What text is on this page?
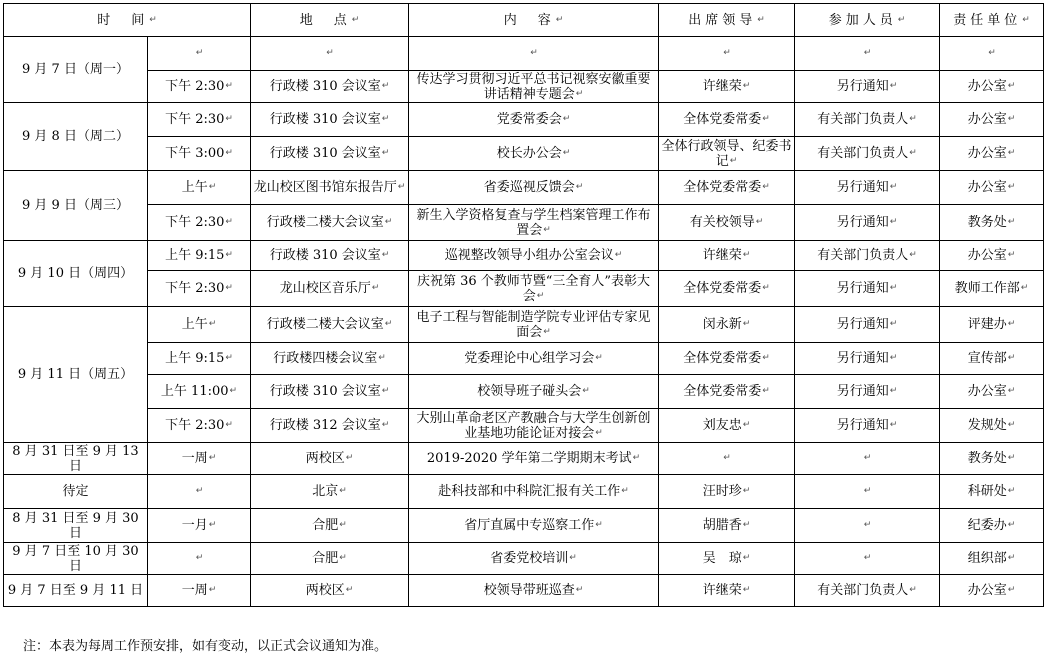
时　间↵		地　点↵	内　容↵	出席领导↵	参加人员↵	责任单位↵
9 月 7 日（周一）	↵	↵	↵	↵	↵	↵
	下午 2:30↵	行政楼 310 会议室↵	传达学习贯彻习近平总书记视察安徽重要讲话精神专题会↵	许继荣↵	另行通知↵	办公室↵
9 月 8 日（周二）	下午 2:30↵	行政楼 310 会议室↵	党委常委会↵	全体党委常委↵	有关部门负责人↵	办公室↵
	下午 3:00↵	行政楼 310 会议室↵	校长办公会↵	全体行政领导、纪委书记↵	有关部门负责人↵	办公室↵
9 月 9 日（周三）	上午↵	龙山校区图书馆东报告厅↵	省委巡视反馈会↵	全体党委常委↵	另行通知↵	办公室↵
	下午 2:30↵	行政楼二楼大会议室↵	新生入学资格复查与学生档案管理工作布置会↵	有关校领导↵	另行通知↵	教务处↵
9 月 10 日（周四）	上午 9:15↵	行政楼 310 会议室↵	巡视整改领导小组办公室会议↵	许继荣↵	有关部门负责人↵	办公室↵
	下午 2:30↵	龙山校区音乐厅↵	庆祝第 36 个教师节暨“三全育人”表彰大会↵	全体党委常委↵	另行通知↵	教师工作部↵
9 月 11 日（周五）	上午↵	行政楼二楼大会议室↵	电子工程与智能制造学院专业评估专家见面会↵	闵永新↵	另行通知↵	评建办↵
	上午 9:15↵	行政楼四楼会议室↵	党委理论中心组学习会↵	全体党委常委↵	另行通知↵	宣传部↵
	上午 11:00↵	行政楼 310 会议室↵	校领导班子碰头会↵	全体党委常委↵	另行通知↵	办公室↵
	下午 2:30↵	行政楼 312 会议室↵	大别山革命老区产教融合与大学生创新创业基地功能论证对接会↵	刘友忠↵	另行通知↵	发规处↵
8 月 31 日至 9 月 13 日	一周↵	两校区↵	2019-2020 学年第二学期期末考试↵	↵	↵	教务处↵
待定	↵	北京↵	赴科技部和中科院汇报有关工作↵	汪时珍↵	↵	科研处↵
8 月 31 日至 9 月 30 日	一月↵	合肥↵	省厅直属中专巡察工作↵	胡腊香↵	↵	纪委办↵
9 月 7 日至 10 月 30 日	↵	合肥↵	省委党校培训↵	吴　琼↵	↵	组织部↵
9 月 7 日至 9 月 11 日	一周↵	两校区↵	校领导带班巡查↵	许继荣↵	有关部门负责人↵	办公室↵
注：本表为每周工作预安排，如有变动，以正式会议通知为准。
